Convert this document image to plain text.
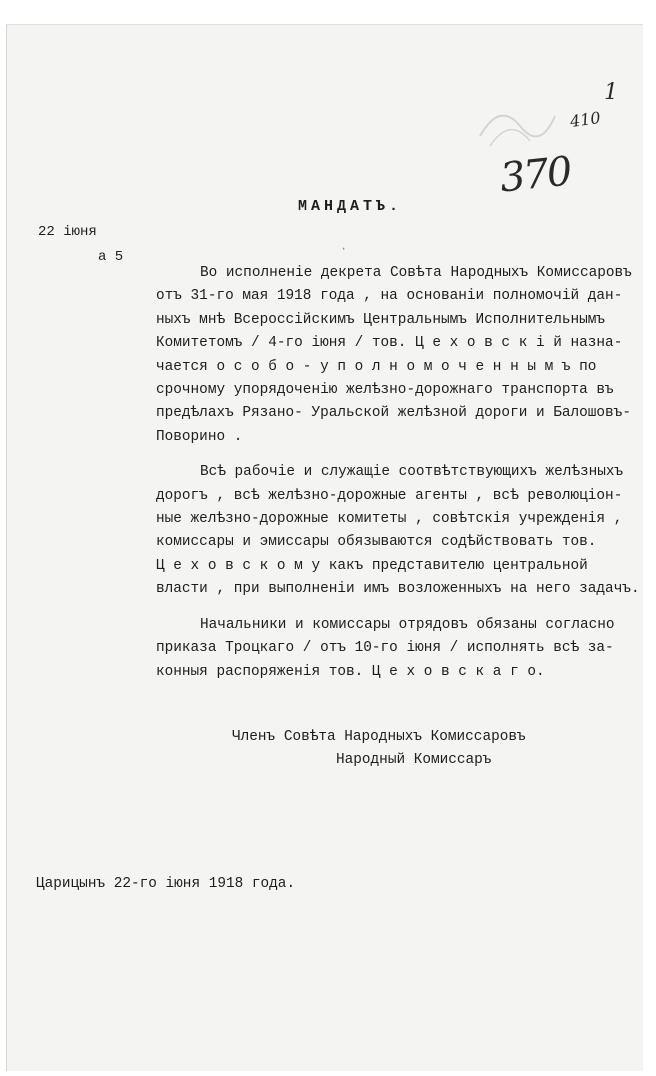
1
410
370
МАНДАТЪ.
·
22 іюня
а 5

Во исполненіе декрета Совѣта Народныхъ Комиссаровъ
отъ 31-го мая 1918 года , на основаніи полномочій дан-
ныхъ мнѣ Всероссійскимъ Центральнымъ Исполнительнымъ
Комитетомъ / 4-го іюня / тов. Ц е х о в с к і й назна-
чается о с о б о - у п о л н о м о ч е н н ы м ъ по
срочному упорядоченію желѣзно-дорожнаго транспорта въ
предѣлахъ Рязано- Уральской желѣзной дороги и Балошовъ-
Поворино .

Всѣ рабочіе и служащіе соотвѣтствующихъ желѣзныхъ
дорогъ , всѣ желѣзно-дорожные агенты , всѣ революціон-
ные желѣзно-дорожные комитеты , совѣтскія учрежденія ,
комиссары и эмиссары обязываются содѣйствовать тов.
Ц е х о в с к о м у какъ представителю центральной
власти , при выполненіи имъ возложенныхъ на него задачъ.

Начальники и комиссары отрядовъ обязаны согласно
приказа Троцкаго / отъ 10-го іюня / исполнять всѣ за-
конныя распоряженія тов. Ц е х о в с к а г о.

Членъ Совѣта Народныхъ Комиссаровъ
Народный Комиссаръ
Царицынъ 22-го іюня 1918 года.
